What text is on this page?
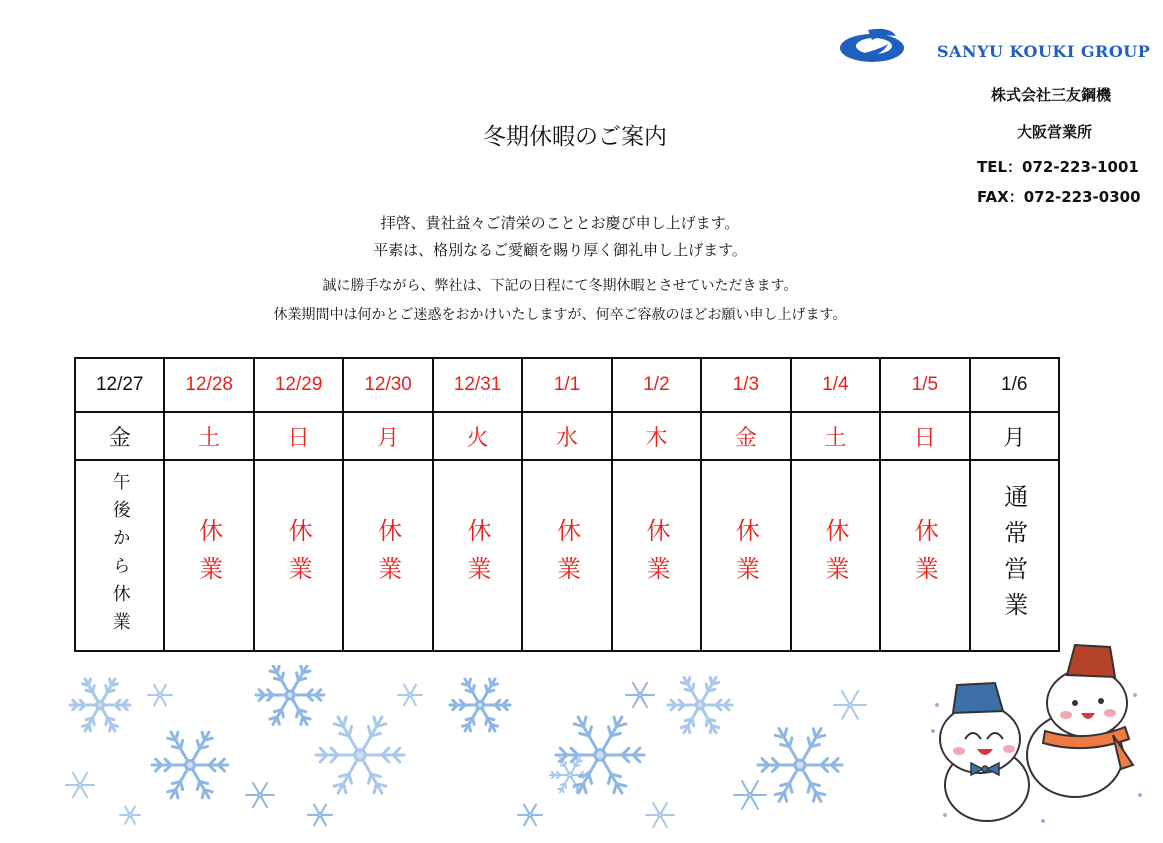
SANYU KOUKI GROUP
株式会社三友鋼機
大阪営業所
TEL：072-223-1001
FAX：072-223-0300
冬期休暇のご案内
拝啓、貴社益々ご清栄のこととお慶び申し上げます。
平素は、格別なるご愛顧を賜り厚く御礼申し上げます。
誠に勝手ながら、弊社は、下記の日程にて冬期休暇とさせていただきます。
休業期間中は何かとご迷惑をおかけいたしますが、何卒ご容赦のほどお願い申し上げます。
12/27	12/28	12/29	12/30	12/31	1/1	1/2	1/3	1/4	1/5	1/6
金	土	日	月	火	水	木	金	土	日	月

午後から休業	休業	休業	休業	休業	休業	休業	休業	休業	休業	通常営業
